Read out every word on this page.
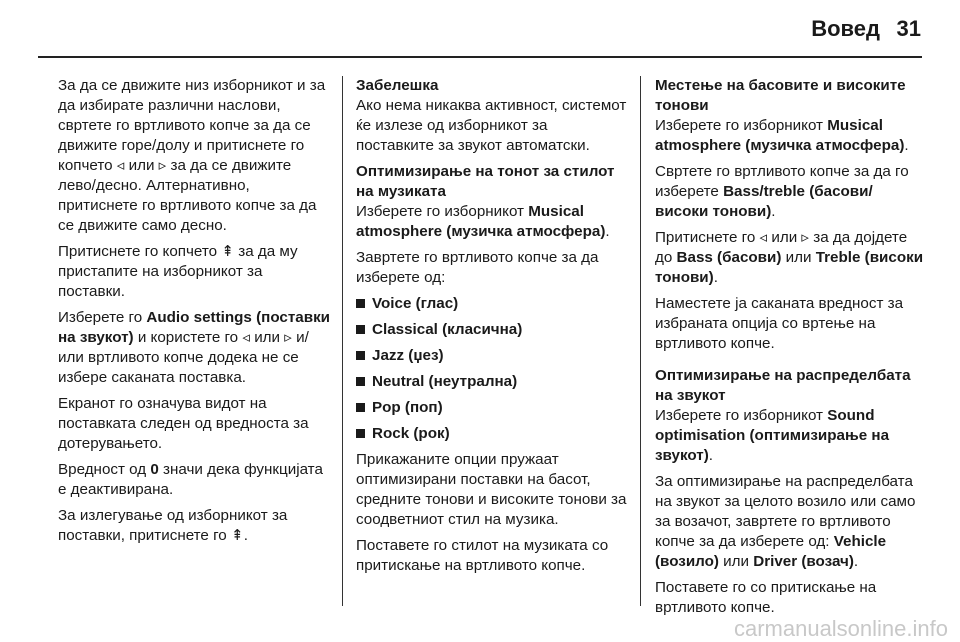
Вовед 31

За да се движите низ изборникот и за да избирате различни наслови, свртете го вртливото копче за да се движите горе/долу и притиснете го копчето ◃ или ▹ за да се движите лево/десно. Алтернативно, притиснете го вртливото копче за да се движите само десно.

Притиснете го копчето ⇞ за да му пристапите на изборникот за поставки.

Изберете го Audio settings (поставки на звукот) и користете го ◃ или ▹ и/или вртливото копче додека не се избере саканата поставка.

Екранот го означува видот на поставката следен од вредноста за дотерувањето.

Вредност од 0 значи дека функцијата е деактивирана.

За излегување од изборникот за поставки, притиснете го ⇞.

Забелешка
Ако нема никаква активност, системот ќе излезе од изборникот за поставките за звукот автоматски.
Оптимизирање на тонот за стилот на музиката
Изберете го изборникот Musical atmosphere (музичка атмосфера).

Завртете го вртливото копче за да изберете од:

Voice (глас)
Classical (класична)
Jazz (џез)
Neutral (неутрална)
Pop (поп)
Rock (рок)

Прикажаните опции пружаат оптимизирани поставки на басот, средните тонови и високите тонови за соодветниот стил на музика.

Поставете го стилот на музиката со притискање на вртливото копче.

Местење на басовите и високите тонови
Изберете го изборникот Musical atmosphere (музичка атмосфера).

Свртете го вртливото копче за да го изберете Bass/treble (басови/ високи тонови).

Притиснете го ◃ или ▹ за да дојдете до Bass (басови) или Treble (високи тонови).

Наместете ја саканата вредност за избраната опција со вртење на вртливото копче.

Оптимизирање на распределбата на звукот
Изберете го изборникот Sound optimisation (оптимизирање на звукот).

За оптимизирање на распределбата на звукот за целото возило или само за возачот, завртете го вртливото копче за да изберете од: Vehicle (возило) или Driver (возач).

Поставете го со притискање на вртливото копче.

carmanualsonline.info
